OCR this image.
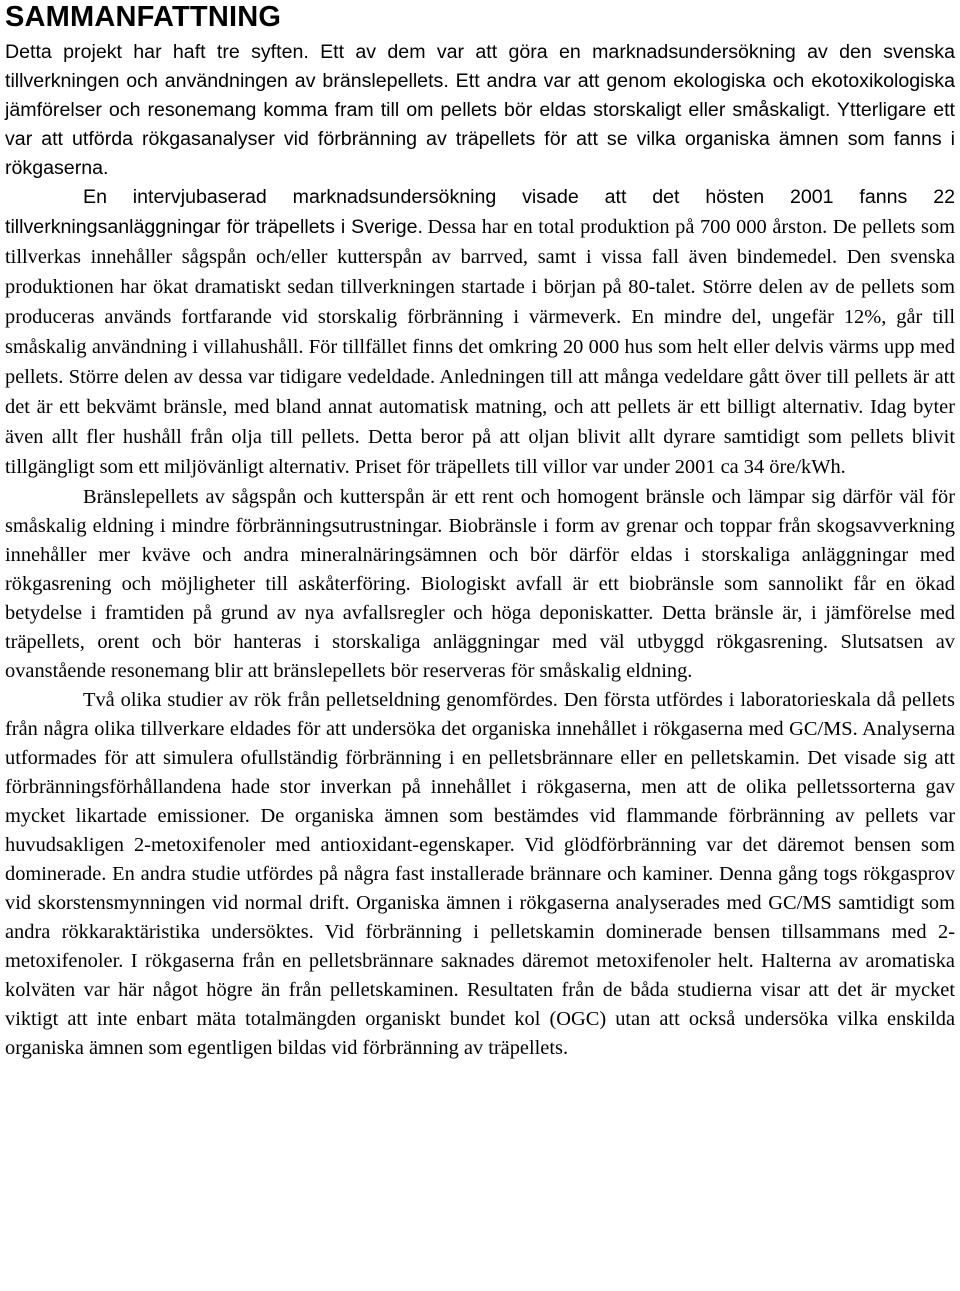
SAMMANFATTNING

Detta projekt har haft tre syften. Ett av dem var att göra en marknadsundersökning av den svenska tillverkningen och användningen av bränslepellets. Ett andra var att genom ekologiska och ekotoxikologiska jämförelser och resonemang komma fram till om pellets bör eldas storskaligt eller småskaligt. Ytterligare ett var att utförda rökgasanalyser vid förbränning av träpellets för att se vilka organiska ämnen som fanns i rökgaserna.

En intervjubaserad marknadsundersökning visade att det hösten 2001 fanns 22 tillverkningsanläggningar för träpellets i Sverige. Dessa har en total produktion på 700 000 årston. De pellets som tillverkas innehåller sågspån och/eller kutterspån av barrved, samt i vissa fall även bindemedel. Den svenska produktionen har ökat dramatiskt sedan tillverkningen startade i början på 80-talet. Större delen av de pellets som produceras används fortfarande vid storskalig förbränning i värmeverk. En mindre del, ungefär 12%, går till småskalig användning i villahushåll. För tillfället finns det omkring 20 000 hus som helt eller delvis värms upp med pellets. Större delen av dessa var tidigare vedeldade. Anledningen till att många vedeldare gått över till pellets är att det är ett bekvämt bränsle, med bland annat automatisk matning, och att pellets är ett billigt alternativ. Idag byter även allt fler hushåll från olja till pellets. Detta beror på att oljan blivit allt dyrare samtidigt som pellets blivit tillgängligt som ett miljövänligt alternativ. Priset för träpellets till villor var under 2001 ca 34 öre/kWh.

Bränslepellets av sågspån och kutterspån är ett rent och homogent bränsle och lämpar sig därför väl för småskalig eldning i mindre förbränningsutrustningar. Biobränsle i form av grenar och toppar från skogsavverkning innehåller mer kväve och andra mineralnäringsämnen och bör därför eldas i storskaliga anläggningar med rökgasrening och möjligheter till askåterföring. Biologiskt avfall är ett biobränsle som sannolikt får en ökad betydelse i framtiden på grund av nya avfallsregler och höga deponiskatter. Detta bränsle är, i jämförelse med träpellets, orent och bör hanteras i storskaliga anläggningar med väl utbyggd rökgasrening. Slutsatsen av ovanstående resonemang blir att bränslepellets bör reserveras för småskalig eldning.

Två olika studier av rök från pelletseldning genomfördes. Den första utfördes i laboratorieskala då pellets från några olika tillverkare eldades för att undersöka det organiska innehållet i rökgaserna med GC/MS. Analyserna utformades för att simulera ofullständig förbränning i en pelletsbrännare eller en pelletskamin. Det visade sig att förbränningsförhållandena hade stor inverkan på innehållet i rökgaserna, men att de olika pelletssorterna gav mycket likartade emissioner. De organiska ämnen som bestämdes vid flammande förbränning av pellets var huvudsakligen 2-metoxifenoler med antioxidant-egenskaper. Vid glödförbränning var det däremot bensen som dominerade. En andra studie utfördes på några fast installerade brännare och kaminer. Denna gång togs rökgasprov vid skorstensmynningen vid normal drift. Organiska ämnen i rökgaserna analyserades med GC/MS samtidigt som andra rökkaraktäristika undersöktes. Vid förbränning i pelletskamin dominerade bensen tillsammans med 2-metoxifenoler. I rökgaserna från en pelletsbrännare saknades däremot metoxifenoler helt. Halterna av aromatiska kolväten var här något högre än från pelletskaminen. Resultaten från de båda studierna visar att det är mycket viktigt att inte enbart mäta totalmängden organiskt bundet kol (OGC) utan att också undersöka vilka enskilda organiska ämnen som egentligen bildas vid förbränning av träpellets.
